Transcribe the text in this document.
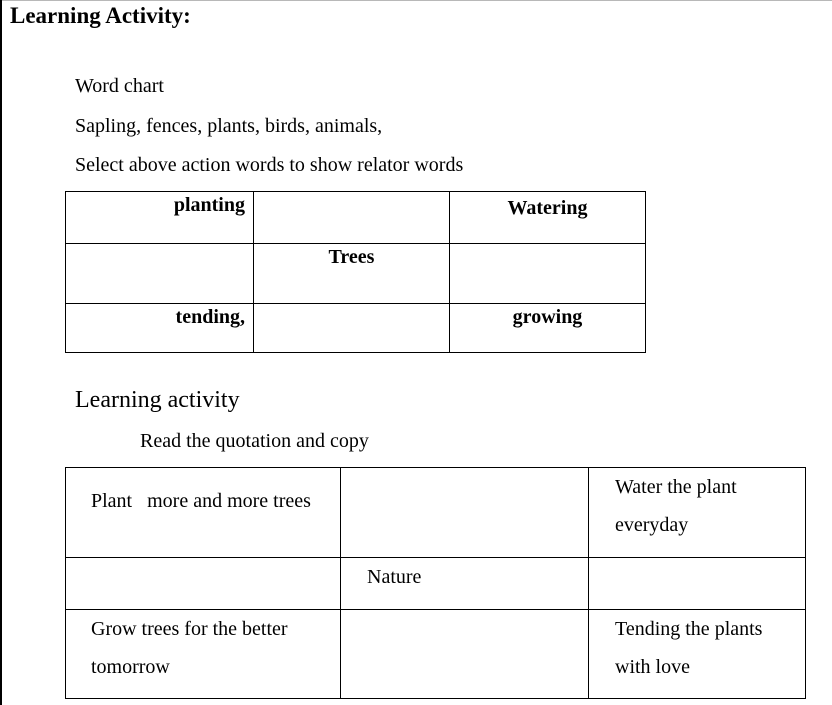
Learning Activity:
Word chart
Sapling, fences, plants, birds, animals,
Select above action words to show relator words
planting		Watering
	Trees	
tending,		growing
Learning activity
Read the quotation and copy
Plant   more and more trees		Water the plant
everyday

	Nature	

Grow trees for the better
tomorrow		Tending the plants
with love
